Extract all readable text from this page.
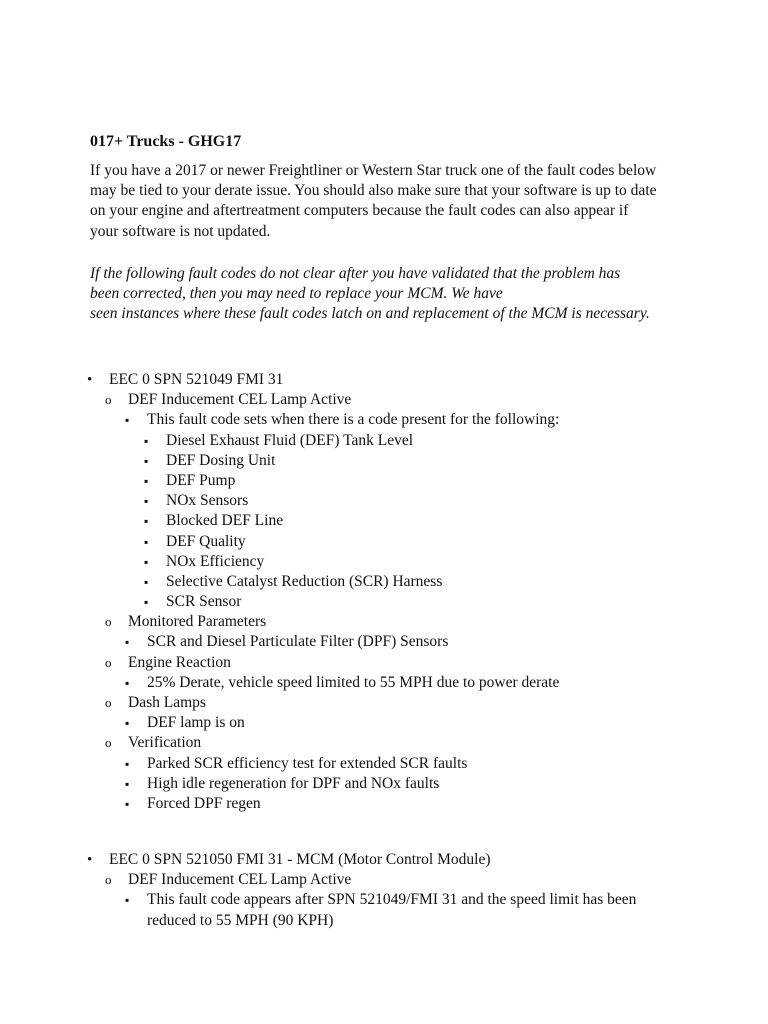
017+ Trucks - GHG17

If you have a 2017 or newer Freightliner or Western Star truck one of the fault codes below may be tied to your derate issue. You should also make sure that your software is up to date on your engine and aftertreatment computers because the fault codes can also appear if your software is not updated.

If the following fault codes do not clear after you have validated that the problem has
been corrected, then you may need to replace your MCM. We have
seen instances where these fault codes latch on and replacement of the MCM is necessary.
• EEC 0 SPN 521049 FMI 31
o DEF Inducement CEL Lamp Active
▪ This fault code sets when there is a code present for the following:
▪ Diesel Exhaust Fluid (DEF) Tank Level
▪ DEF Dosing Unit
▪ DEF Pump
▪ NOx Sensors
▪ Blocked DEF Line
▪ DEF Quality
▪ NOx Efficiency
▪ Selective Catalyst Reduction (SCR) Harness
▪ SCR Sensor
o Monitored Parameters
▪ SCR and Diesel Particulate Filter (DPF) Sensors
o Engine Reaction
▪ 25% Derate, vehicle speed limited to 55 MPH due to power derate
o Dash Lamps
▪ DEF lamp is on
o Verification
▪ Parked SCR efficiency test for extended SCR faults
▪ High idle regeneration for DPF and NOx faults
▪ Forced DPF regen
• EEC 0 SPN 521050 FMI 31 - MCM (Motor Control Module)
o DEF Inducement CEL Lamp Active
▪ This fault code appears after SPN 521049/FMI 31 and the speed limit has been reduced to 55 MPH (90 KPH)
